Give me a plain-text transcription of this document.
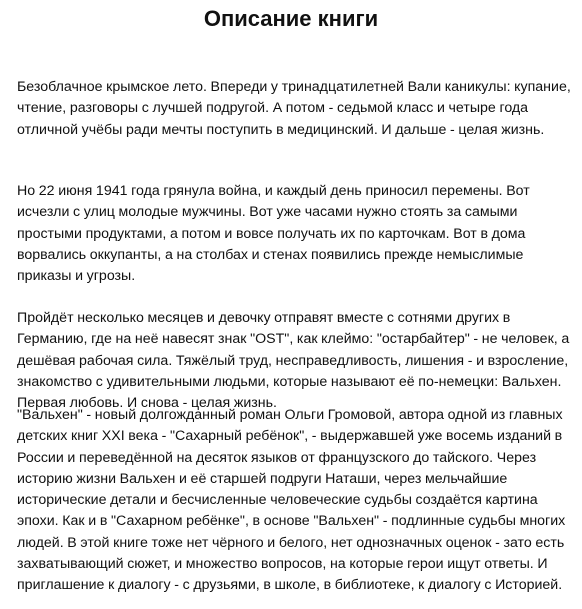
Описание книги

Безоблачное крымское лето. Впереди у тринадцатилетней Вали каникулы: купание, чтение, разговоры с лучшей подругой. А потом - седьмой класс и четыре года отличной учёбы ради мечты поступить в медицинский. И дальше - целая жизнь.

Но 22 июня 1941 года грянула война, и каждый день приносил перемены. Вот исчезли с улиц молодые мужчины. Вот уже часами нужно стоять за самыми простыми продуктами, а потом и вовсе получать их по карточкам. Вот в дома ворвались оккупанты, а на столбах и стенах появились прежде немыслимые приказы и угрозы.

Пройдёт несколько месяцев и девочку отправят вместе с сотнями других в Германию, где на неё навесят знак "OST", как клеймо: "остарбайтер" - не человек, а дешёвая рабочая сила. Тяжёлый труд, несправедливость, лишения - и взросление, знакомство с удивительными людьми, которые называют её по-немецки: Вальхен. Первая любовь. И снова - целая жизнь.

"Вальхен" - новый долгожданный роман Ольги Громовой, автора одной из главных детских книг XXI века - "Сахарный ребёнок", - выдержавшей уже восемь изданий в России и переведённой на десяток языков от французского до тайского. Через историю жизни Вальхен и её старшей подруги Наташи, через мельчайшие исторические детали и бесчисленные человеческие судьбы создаётся картина эпохи. Как и в "Сахарном ребёнке", в основе "Вальхен" - подлинные судьбы многих людей. В этой книге тоже нет чёрного и белого, нет однозначных оценок - зато есть захватывающий сюжет, и множество вопросов, на которые герои ищут ответы. И приглашение к диалогу - с друзьями, в школе, в библиотеке, к диалогу с Историей.
